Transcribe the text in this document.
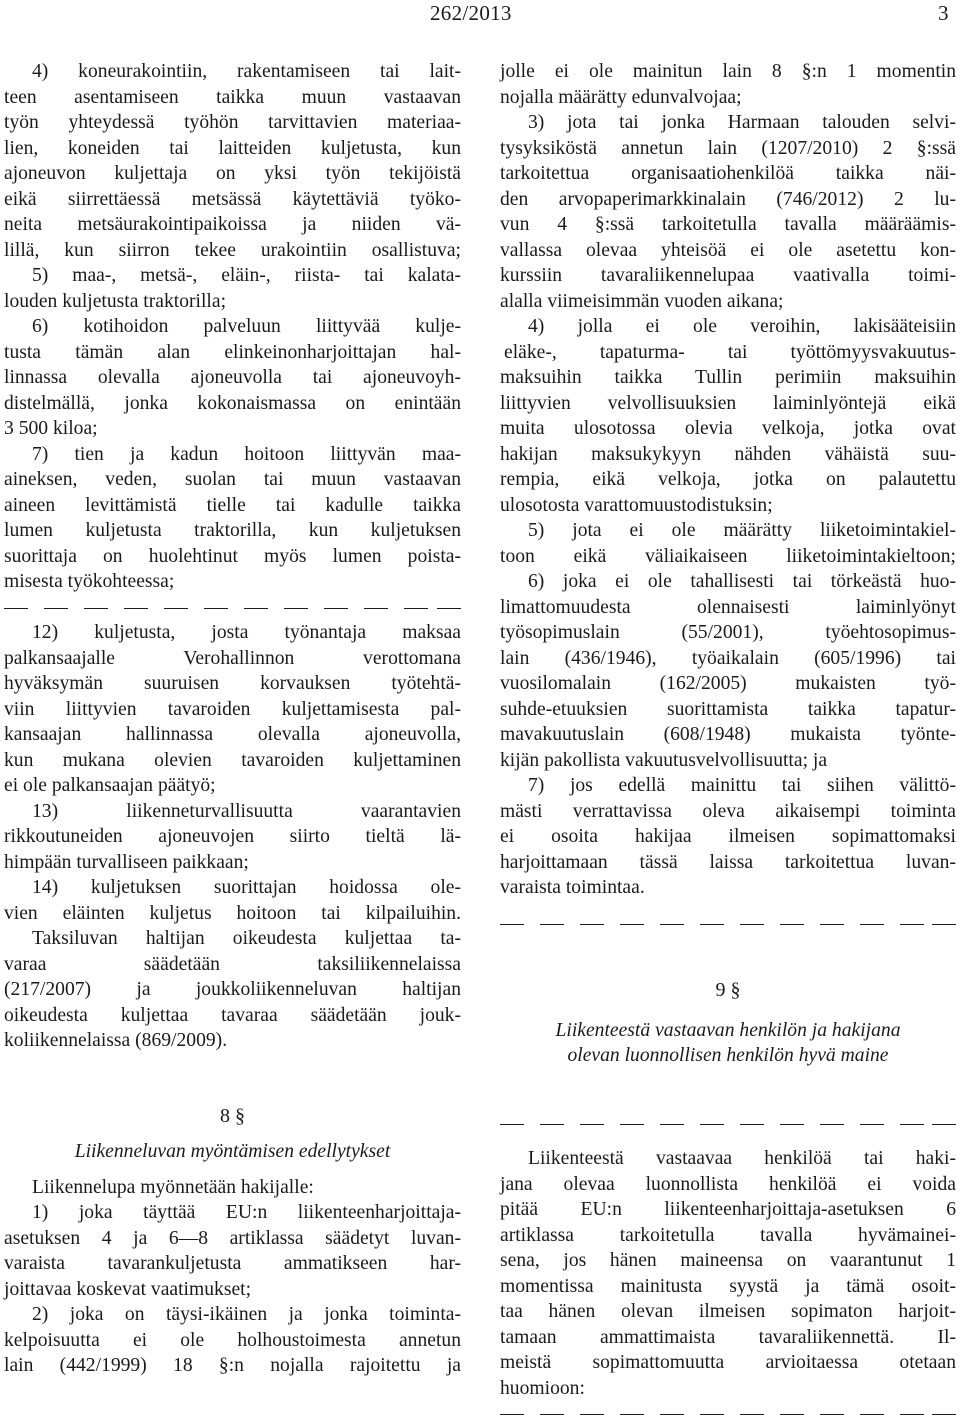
262/2013	3
4) koneurakointiin, rakentamiseen tai lait-
teen asentamiseen taikka muun vastaavan
työn yhteydessä työhön tarvittavien materiaa-
lien, koneiden tai laitteiden kuljetusta, kun
ajoneuvon kuljettaja on yksi työn tekijöistä
eikä siirrettäessä metsässä käytettäviä työko-
neita metsäurakointipaikoissa ja niiden vä-
lillä, kun siirron tekee urakointiin osallistuva;
5) maa-, metsä-, eläin-, riista- tai kalata-
louden kuljetusta traktorilla;
6) kotihoidon palveluun liittyvää kulje-
tusta tämän alan elinkeinonharjoittajan hal-
linnassa olevalla ajoneuvolla tai ajoneuvoyh-
distelmällä, jonka kokonaismassa on enintään
3 500 kiloa;
7) tien ja kadun hoitoon liittyvän maa-
aineksen, veden, suolan tai muun vastaavan
aineen levittämistä tielle tai kadulle taikka
lumen kuljetusta traktorilla, kun kuljetuksen
suorittaja on huolehtinut myös lumen poista-
misesta työkohteessa;
12) kuljetusta, josta työnantaja maksaa
palkansaajalle Verohallinnon verottomana
hyväksymän suuruisen korvauksen työtehtä-
viin liittyvien tavaroiden kuljettamisesta pal-
kansaajan hallinnassa olevalla ajoneuvolla,
kun mukana olevien tavaroiden kuljettaminen
ei ole palkansaajan päätyö;
13) liikenneturvallisuutta vaarantavien
rikkoutuneiden ajoneuvojen siirto tieltä lä-
himpään turvalliseen paikkaan;
14) kuljetuksen suorittajan hoidossa ole-
vien eläinten kuljetus hoitoon tai kilpailuihin.
Taksiluvan haltijan oikeudesta kuljettaa ta-
varaa säädetään taksiliikennelaissa
(217/2007) ja joukkoliikenneluvan haltijan
oikeudesta kuljettaa tavaraa säädetään jouk-
koliikennelaissa (869/2009).
8 §
Liikenneluvan myöntämisen edellytykset
Liikennelupa myönnetään hakijalle:
1) joka täyttää EU:n liikenteenharjoittaja-
asetuksen 4 ja 6—8 artiklassa säädetyt luvan-
varaista tavarankuljetusta ammatikseen har-
joittavaa koskevat vaatimukset;
2) joka on täysi-ikäinen ja jonka toiminta-
kelpoisuutta ei ole holhoustoimesta annetun
lain (442/1999) 18 §:n nojalla rajoitettu ja
jolle ei ole mainitun lain 8 §:n 1 momentin
nojalla määrätty edunvalvojaa;
3) jota tai jonka Harmaan talouden selvi-
tysyksiköstä annetun lain (1207/2010) 2 §:ssä
tarkoitettua organisaatiohenkilöä taikka näi-
den arvopaperimarkkinalain (746/2012) 2 lu-
vun 4 §:ssä tarkoitetulla tavalla määräämis-
vallassa olevaa yhteisöä ei ole asetettu kon-
kurssiin tavaraliikennelupaa vaativalla toimi-
alalla viimeisimmän vuoden aikana;
4) jolla ei ole veroihin, lakisääteisiin
eläke-, tapaturma- tai työttömyysvakuutus-
maksuihin taikka Tullin perimiin maksuihin
liittyvien velvollisuuksien laiminlyöntejä eikä
muita ulosotossa olevia velkoja, jotka ovat
hakijan maksukykyyn nähden vähäistä suu-
rempia, eikä velkoja, jotka on palautettu
ulosotosta varattomuustodistuksin;
5) jota ei ole määrätty liiketoimintakiel-
toon eikä väliaikaiseen liiketoimintakieltoon;
6) joka ei ole tahallisesti tai törkeästä huo-
limattomuudesta olennaisesti laiminlyönyt
työsopimuslain (55/2001), työehtosopimus-
lain (436/1946), työaikalain (605/1996) tai
vuosilomalain (162/2005) mukaisten työ-
suhde-etuuksien suorittamista taikka tapatur-
mavakuutuslain (608/1948) mukaista työnte-
kijän pakollista vakuutusvelvollisuutta; ja
7) jos edellä mainittu tai siihen välittö-
mästi verrattavissa oleva aikaisempi toiminta
ei osoita hakijaa ilmeisen sopimattomaksi
harjoittamaan tässä laissa tarkoitettua luvan-
varaista toimintaa.
9 §
Liikenteestä vastaavan henkilön ja hakijana
olevan luonnollisen henkilön hyvä maine
Liikenteestä vastaavaa henkilöä tai haki-
jana olevaa luonnollista henkilöä ei voida
pitää EU:n liikenteenharjoittaja-asetuksen 6
artiklassa tarkoitetulla tavalla hyvämainei-
sena, jos hänen maineensa on vaarantunut 1
momentissa mainitusta syystä ja tämä osoit-
taa hänen olevan ilmeisen sopimaton harjoit-
tamaan ammattimaista tavaraliikennettä. Il-
meistä sopimattomuutta arvioitaessa otetaan
huomioon:
